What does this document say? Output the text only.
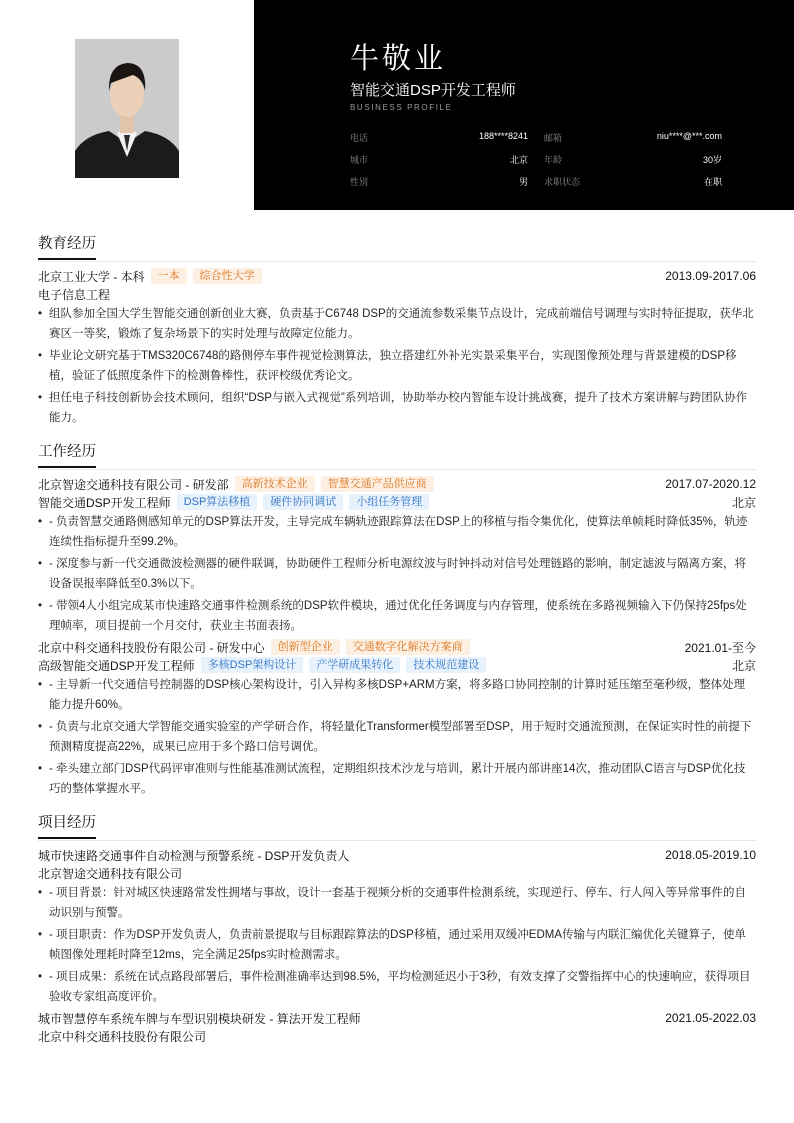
牛敬业
智能交通DSP开发工程师
BUSINESS PROFILE
电话	188****8241 邮箱	niu****@***.com
城市	北京 年龄	30岁
性别	男 求职状态	在职
教育经历
北京工业大学 - 本科	一本	综合性大学	2013.09-2017.06
电子信息工程
• 组队参加全国大学生智能交通创新创业大赛，负责基于C6748 DSP的交通流参数采集节点设计，完成前端信号调理与实时特征提取，获华北赛区一等奖，锻炼了复杂场景下的实时处理与故障定位能力。
• 毕业论文研究基于TMS320C6748的路侧停车事件视觉检测算法，独立搭建红外补光实景采集平台，实现图像预处理与背景建模的DSP移植，验证了低照度条件下的检测鲁棒性，获评校级优秀论文。
• 担任电子科技创新协会技术顾问，组织“DSP与嵌入式视觉”系列培训，协助举办校内智能车设计挑战赛，提升了技术方案讲解与跨团队协作能力。
工作经历
北京智途交通科技有限公司 - 研发部	高新技术企业	智慧交通产品供应商	2017.07-2020.12
智能交通DSP开发工程师	DSP算法移植	硬件协同调试	小组任务管理	北京
• - 负责智慧交通路侧感知单元的DSP算法开发，主导完成车辆轨迹跟踪算法在DSP上的移植与指令集优化，使算法单帧耗时降低35%，轨迹连续性指标提升至99.2%。
• - 深度参与新一代交通微波检测器的硬件联调，协助硬件工程师分析电源纹波与时钟抖动对信号处理链路的影响，制定滤波与隔离方案，将设备误报率降低至0.3%以下。
• - 带领4人小组完成某市快速路交通事件检测系统的DSP软件模块，通过优化任务调度与内存管理，使系统在多路视频输入下仍保持25fps处理帧率，项目提前一个月交付，获业主书面表扬。
北京中科交通科技股份有限公司 - 研发中心	创新型企业	交通数字化解决方案商	2021.01-至今
高级智能交通DSP开发工程师	多核DSP架构设计	产学研成果转化	技术规范建设	北京
• - 主导新一代交通信号控制器的DSP核心架构设计，引入异构多核DSP+ARM方案，将多路口协同控制的计算时延压缩至毫秒级，整体处理能力提升60%。
• - 负责与北京交通大学智能交通实验室的产学研合作，将轻量化Transformer模型部署至DSP，用于短时交通流预测，在保证实时性的前提下预测精度提高22%，成果已应用于多个路口信号调优。
• - 牵头建立部门DSP代码评审准则与性能基准测试流程，定期组织技术沙龙与培训，累计开展内部讲座14次，推动团队C语言与DSP优化技巧的整体掌握水平。
项目经历
城市快速路交通事件自动检测与预警系统 - DSP开发负责人	2018.05-2019.10
北京智途交通科技有限公司
• - 项目背景：针对城区快速路常发性拥堵与事故，设计一套基于视频分析的交通事件检测系统，实现逆行、停车、行人闯入等异常事件的自动识别与预警。
• - 项目职责：作为DSP开发负责人，负责前景提取与目标跟踪算法的DSP移植，通过采用双缓冲EDMA传输与内联汇编优化关键算子，使单帧图像处理耗时降至12ms，完全满足25fps实时检测需求。
• - 项目成果：系统在试点路段部署后，事件检测准确率达到98.5%，平均检测延迟小于3秒，有效支撑了交警指挥中心的快速响应，获得项目验收专家组高度评价。
城市智慧停车系统车牌与车型识别模块研发 - 算法开发工程师	2021.05-2022.03
北京中科交通科技股份有限公司
